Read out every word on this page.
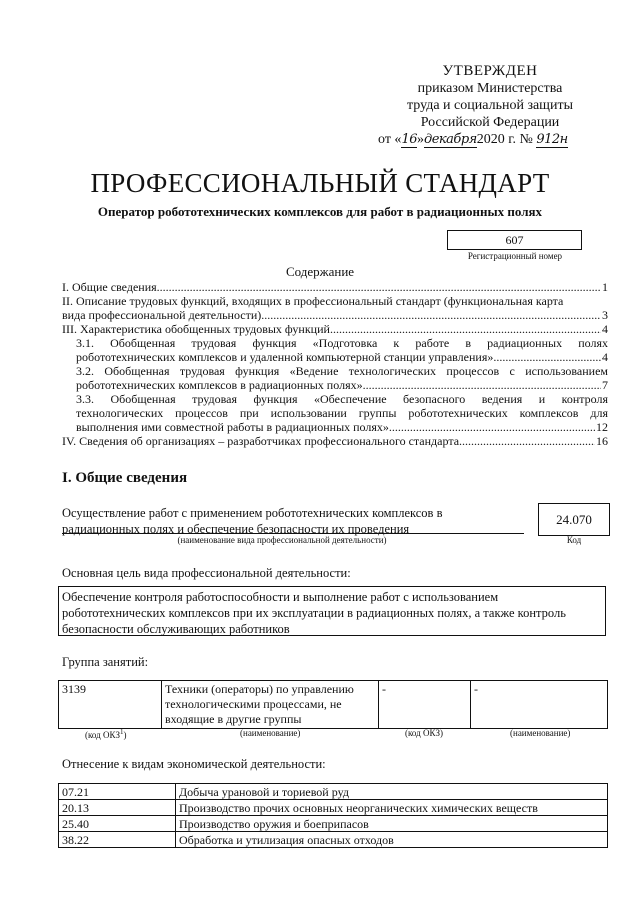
УТВЕРЖДЕН
приказом Министерства
труда и социальной защиты
Российской Федерации
от «16»декабря2020 г. № 912н
ПРОФЕССИОНАЛЬНЫЙ СТАНДАРТ
Оператор робототехнических комплексов для работ в радиационных полях
607
Регистрационный номер
Содержание
I. Общие сведения .....	1
II. Описание трудовых функций, входящих в профессиональный стандарт (функциональная карта
вида профессиональной деятельности) .....	3
III. Характеристика обобщенных трудовых функций .....	4
3.1. Обобщенная трудовая функция «Подготовка к работе в радиационных полях
робототехнических комплексов и удаленной компьютерной станции управления» .....	4
3.2. Обобщенная трудовая функция «Ведение технологических процессов с использованием
робототехнических комплексов в радиационных полях» .....	7
3.3. Обобщенная трудовая функция «Обеспечение безопасного ведения и контроля
технологических процессов при использовании группы робототехнических комплексов для
выполнения ими совместной работы в радиационных полях» .....	12
IV. Сведения об организациях – разработчиках профессионального стандарта .....	16
I. Общие сведения
Осуществление работ с применением робототехнических комплексов в
радиационных полях и обеспечение безопасности их проведения
(наименование вида профессиональной деятельности)
24.070
Код
Основная цель вида профессиональной деятельности:
Обеспечение контроля работоспособности и выполнение работ с использованием робототехнических комплексов при их эксплуатации в радиационных полях, а также контроль безопасности обслуживающих работников
Группа занятий:
3139	Техники (операторы) по управлению технологическими процессами, не входящие в другие группы	-	-
(код ОКЗ$^1$)	(наименование)	(код ОКЗ)	(наименование)
Отнесение к видам экономической деятельности:
07.21	Добыча урановой и ториевой руд
20.13	Производство прочих основных неорганических химических веществ
25.40	Производство оружия и боеприпасов
38.22	Обработка и утилизация опасных отходов
